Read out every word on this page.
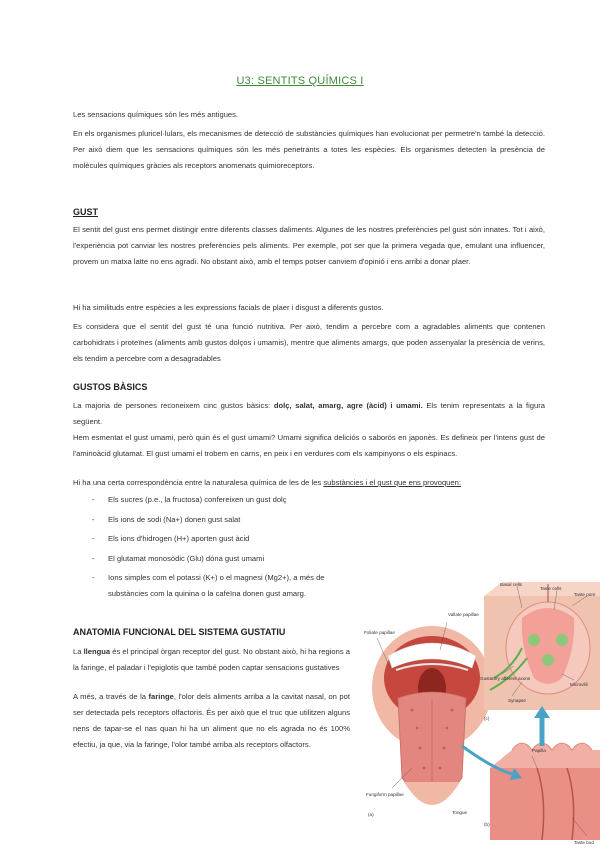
U3: SENTITS QUÍMICS I
Les sensacions químiques són les més antigues.
En els organismes pluricel·lulars, els mecanismes de detecció de substàncies químiques han evolucionat per permetre'n també la detecció. Per això diem que les sensacions químiques són les més penetrants a totes les espècies. Els organismes detecten la presència de molècules químiques gràcies als receptors anomenats quimioreceptors.
GUST
El sentit del gust ens permet distingir entre diferents classes daliments. Algunes de les nostres preferències pel gust són innates. Tot i això, l'experiència pot canviar les nostres preferències pels aliments. Per exemple, pot ser que la primera vegada que, emulant una influencer, provem un matxa latte no ens agradi. No obstant això, amb el temps potser canviem d'opinió i ens arribi a donar plaer.
Hi ha similituds entre espècies a les expressions facials de plaer i disgust a diferents gustos.
Es considera que el sentit del gust té una funció nutritiva. Per això, tendim a percebre com a agradables aliments que contenen carbohidrats i proteïnes (aliments amb gustos dolços i umamis), mentre que aliments amargs, que poden assenyalar la presència de verins, els tendim a percebre com a desagradables
GUSTOS BÀSICS
La majoria de persones reconeixem cinc gustos bàsics: dolç, salat, amarg, agre (àcid) i umami. Els tenim representats a la figura següent.
Hem esmentat el gust umami, però quin és el gust umami? Umami significa deliciós o saborós en japonès. Es defineix per l'intens gust de l'aminoàcid glutamat. El gust umami el trobem en carns, en peix i en verdures com els xampinyons o els espinacs.
Hi ha una certa correspondència entre la naturalesa química de les de les substàncies i el gust que ens provoquen:
- Els sucres (p.e., la fructosa) confereixen un gust dolç
- Els ions de sodi (Na+) donen gust salat
- Els ions d'hidrogen (H+) aporten gust àcid
- El glutamat monosòdic (Glu) dóna gust umami
- Ions simples com el potassi (K+) o el magnesi (Mg2+), a més de substàncies com la quinina o la cafeïna donen gust amarg.
ANATOMIA FUNCIONAL DEL SISTEMA GUSTATIU
La llengua és el principal òrgan receptor del gust. No obstant això, hi ha regions a la faringe, el paladar i l'epiglotis que també poden captar sensacions gustatives
A més, a través de la faringe, l'olor dels aliments arriba a la cavitat nasal, on pot ser detectada pels receptors olfactoris. És per això que el truc que utilitzen alguns nens de tapar-se el nas quan hi ha un aliment que no els agrada no és 100% efectiu, ja que, via la faringe, l'olor també arriba als receptors olfactors.
Basal cells
Taste cells
Taste pore
Vallate papillae
Foliate papillae
Gustatory afferent axons
Synapse
Microvilli
(c)
Papilla
Fungiform papillae
Tongue
(a)
(b)
Taste bud
